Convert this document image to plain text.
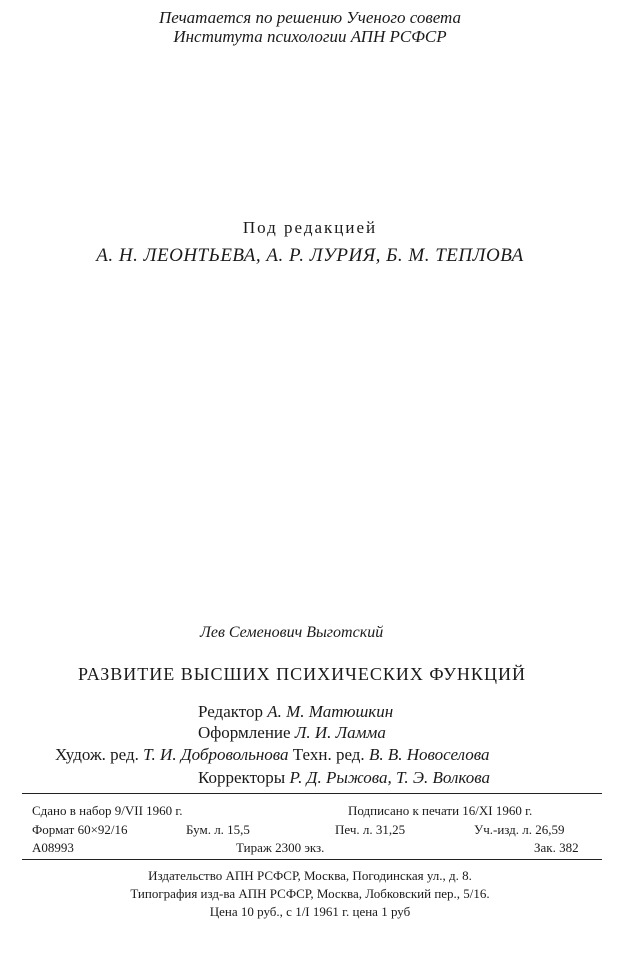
Печатается по решению Ученого совета
Института психологии АПН РСФСР
Под редакцией
А. Н. ЛЕОНТЬЕВА, А. Р. ЛУРИЯ, Б. М. ТЕПЛОВА
Лев Семенович Выготский
РАЗВИТИЕ ВЫСШИХ ПСИХИЧЕСКИХ ФУНКЦИЙ
Редактор А. М. Матюшкин
Оформление Л. И. Ламма
Худож. ред. Т. И. Добровольнова Техн. ред. В. В. Новоселова
Корректоры Р. Д. Рыжова, Т. Э. Волкова
Сдано в набор 9/VII 1960 г.	Подписано к печати 16/XI 1960 г.
Формат 60×92/16	Бум. л. 15,5	Печ. л. 31,25	Уч.-изд. л. 26,59
А08993	Тираж 2300 экз.	Зак. 382
Издательство АПН РСФСР, Москва, Погодинская ул., д. 8.
Типография изд-ва АПН РСФСР, Москва, Лобковский пер., 5/16.
Цена 10 руб., с 1/I 1961 г. цена 1 руб
